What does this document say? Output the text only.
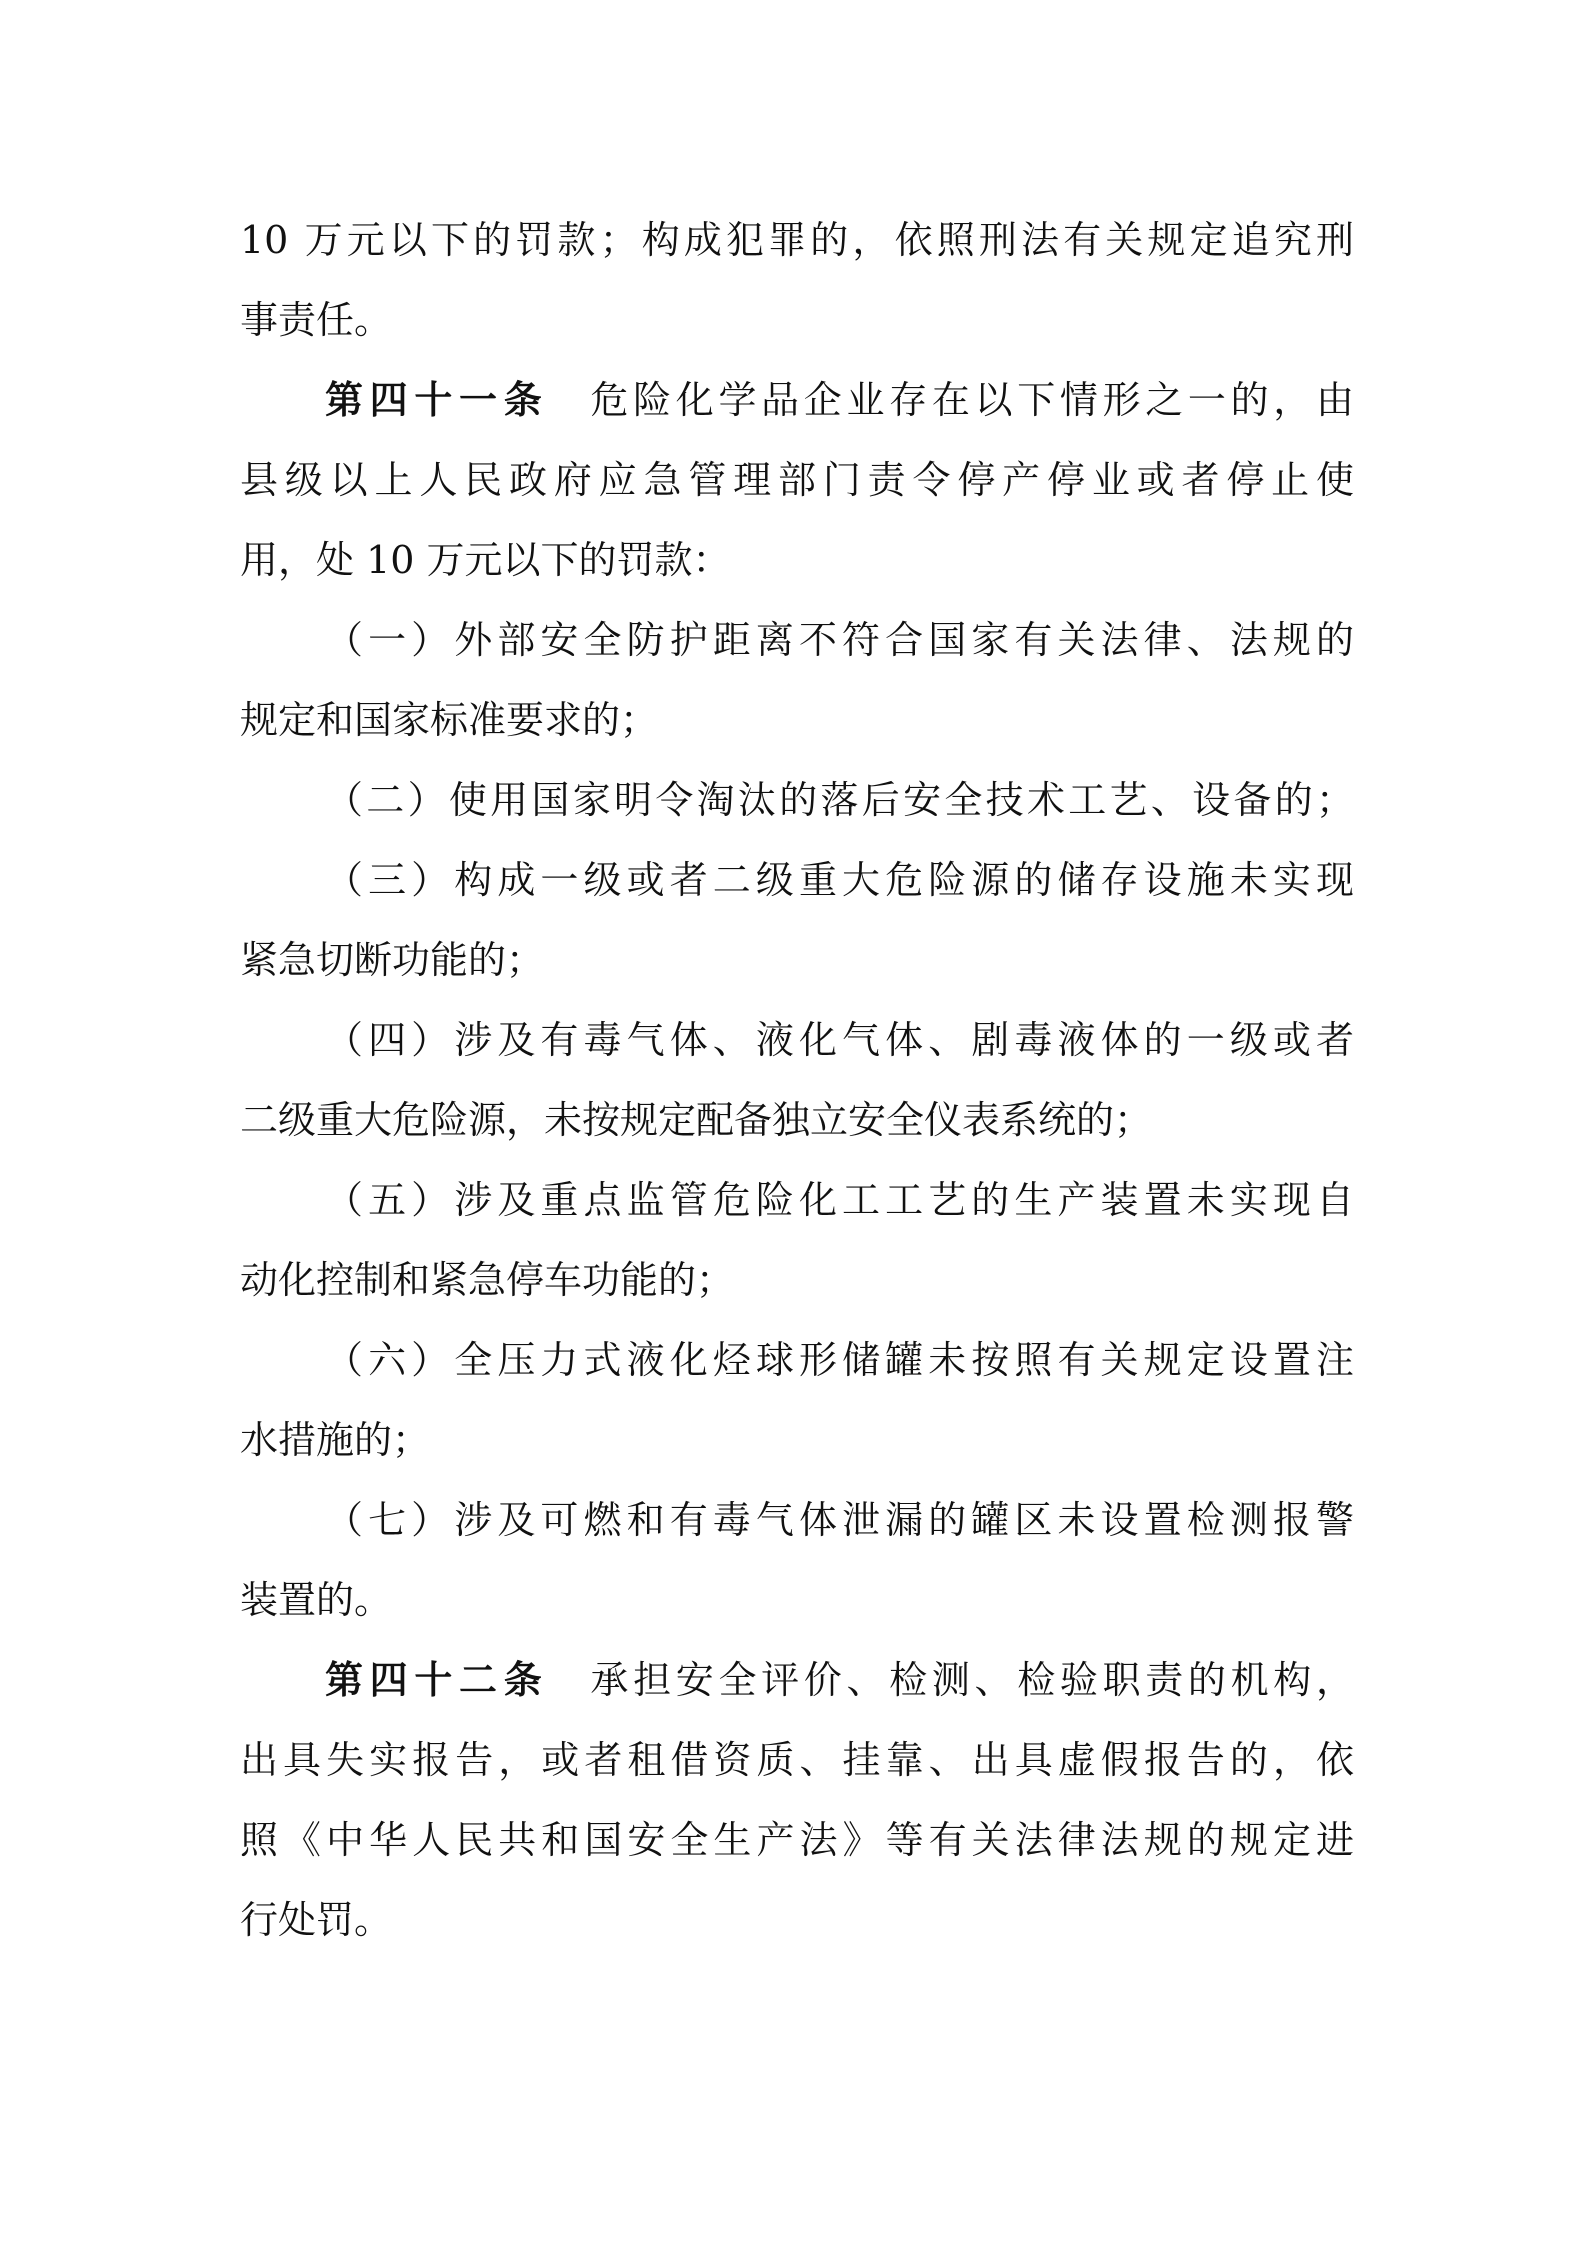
10 万元以下的罚款；构成犯罪的，依照刑法有关规定追究刑
事责任。
第四十一条 危险化学品企业存在以下情形之一的，由
县级以上人民政府应急管理部门责令停产停业或者停止使
用，处 10 万元以下的罚款：
（一）外部安全防护距离不符合国家有关法律、法规的
规定和国家标准要求的；
（二）使用国家明令淘汰的落后安全技术工艺、设备的；
（三）构成一级或者二级重大危险源的储存设施未实现
紧急切断功能的；
（四）涉及有毒气体、液化气体、剧毒液体的一级或者
二级重大危险源，未按规定配备独立安全仪表系统的；
（五）涉及重点监管危险化工工艺的生产装置未实现自
动化控制和紧急停车功能的；
（六）全压力式液化烃球形储罐未按照有关规定设置注
水措施的；
（七）涉及可燃和有毒气体泄漏的罐区未设置检测报警
装置的。
第四十二条 承担安全评价、检测、检验职责的机构，
出具失实报告，或者租借资质、挂靠、出具虚假报告的，依
照《中华人民共和国安全生产法》等有关法律法规的规定进
行处罚。
